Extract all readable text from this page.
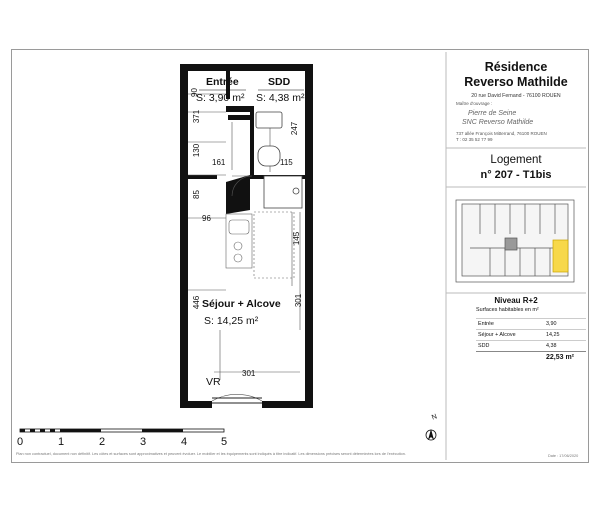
Entrée
S: 3,90 m²
SDD
S: 4,38 m²
Séjour + Alcove
S: 14,25 m²
VR
90
371
130
161	115
247
85
96
145
446	301
301
0	1	2	3	4	5
N
Résidence
Reverso Mathilde
20 rue David Fernand - 76100 ROUEN
Maître d'ouvrage :
Pierre de Seine
SNC Reverso Mathilde
737 allée François Mitterrand, 76100 ROUEN
T : 02 35 52 77 99
Logement
n° 207 - T1bis
Niveau R+2
Surfaces habitables en m²
Entrée	3,90
Séjour + Alcove	14,25
SDD	4,38
	22,53 m²
Plan non contractuel, document non définitif. Les côtes et surfaces sont approximatives et peuvent évoluer. Le mobilier et les équipements sont indiqués à titre indicatif. Les dimensions précises seront déterminées lors de l'exécution.	Date : 17/06/2020
